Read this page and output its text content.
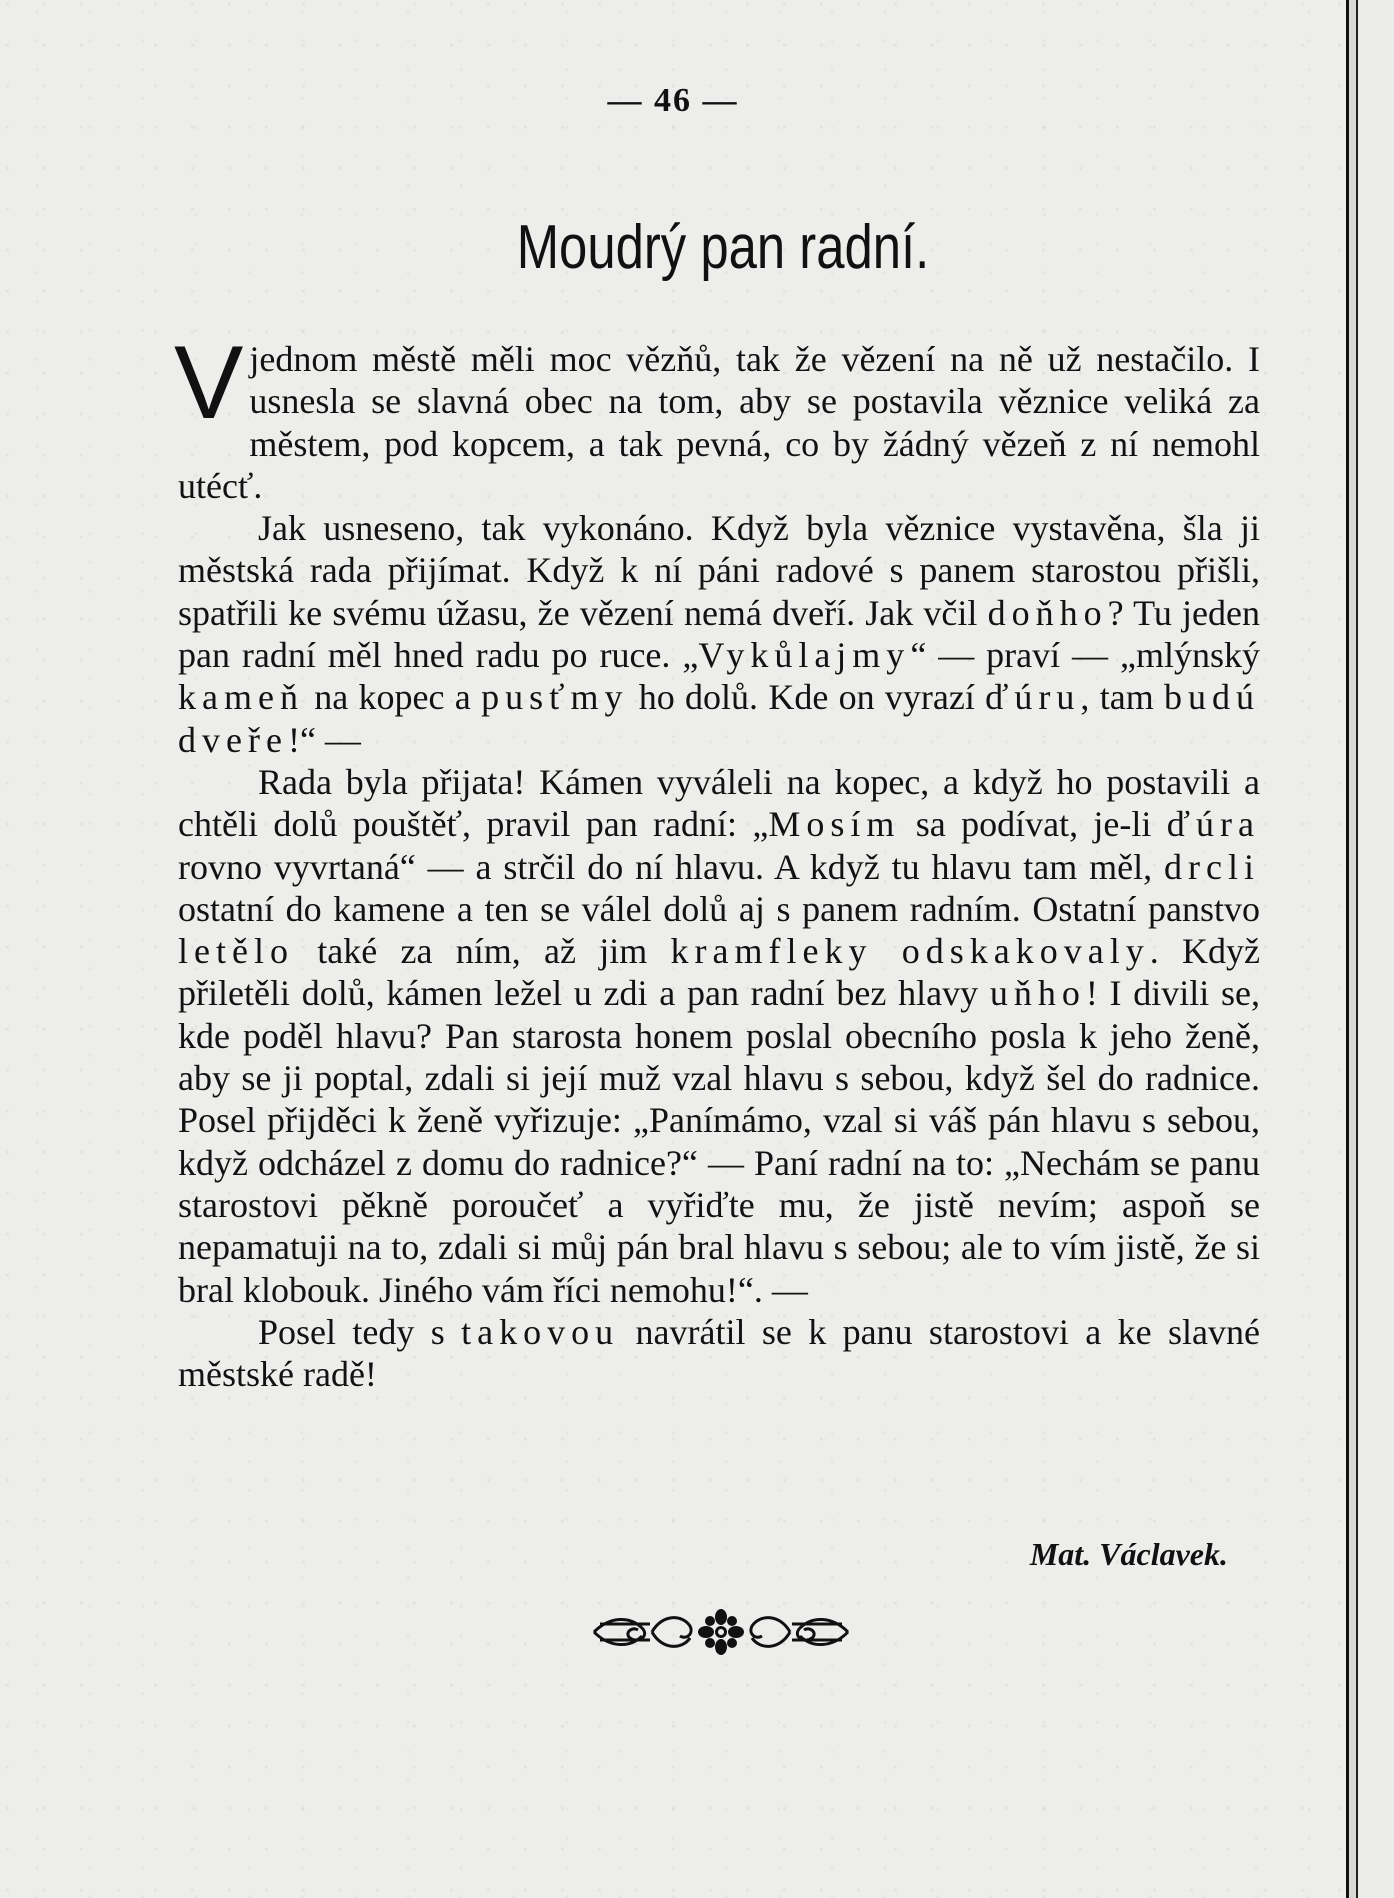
— 46 —
Moudrý pan radní.

Vjednom městě měli moc vězňů, tak že vězení na ně už nestačilo. I usnesla se slavná obec na tom, aby se postavila věznice veliká za městem, pod kopcem, a tak pevná, co by žádný vězeň z ní nemohl utécť.

Jak usneseno, tak vykonáno. Když byla věznice vystavěna, šla ji městská rada přijímat. Když k ní páni radové s panem starostou přišli, spatřili ke svému úžasu, že vězení nemá dveří. Jak včil doňho? Tu jeden pan radní měl hned radu po ruce. „Vykůlajmy“ — praví — „mlýnský kameň na kopec a pusťmy ho dolů. Kde on vyrazí ďúru, tam budú dveře!“ —

Rada byla přijata! Kámen vyváleli na kopec, a když ho postavili a chtěli dolů pouštěť, pravil pan radní: „Mosím sa podívat, je-li ďúra rovno vyvrtaná“ — a strčil do ní hlavu. A když tu hlavu tam měl, drcli ostatní do kamene a ten se válel dolů aj s panem radním. Ostatní panstvo letělo také za ním, až jim kramfleky odskakovaly. Když přiletěli dolů, kámen ležel u zdi a pan radní bez hlavy uňho! I divili se, kde poděl hlavu? Pan starosta honem poslal obecního posla k jeho ženě, aby se ji poptal, zdali si její muž vzal hlavu s sebou, když šel do radnice. Posel přijděci k ženě vyřizuje: „Panímámo, vzal si váš pán hlavu s sebou, když odcházel z domu do radnice?“ — Paní radní na to: „Nechám se panu starostovi pěkně poroučeť a vyřiďte mu, že jistě nevím; aspoň se nepamatuji na to, zdali si můj pán bral hlavu s sebou; ale to vím jistě, že si bral klobouk. Jiného vám říci nemohu!“. —

Posel tedy s takovou navrátil se k panu starostovi a ke slavné městské radě!

Mat. Václavek.
